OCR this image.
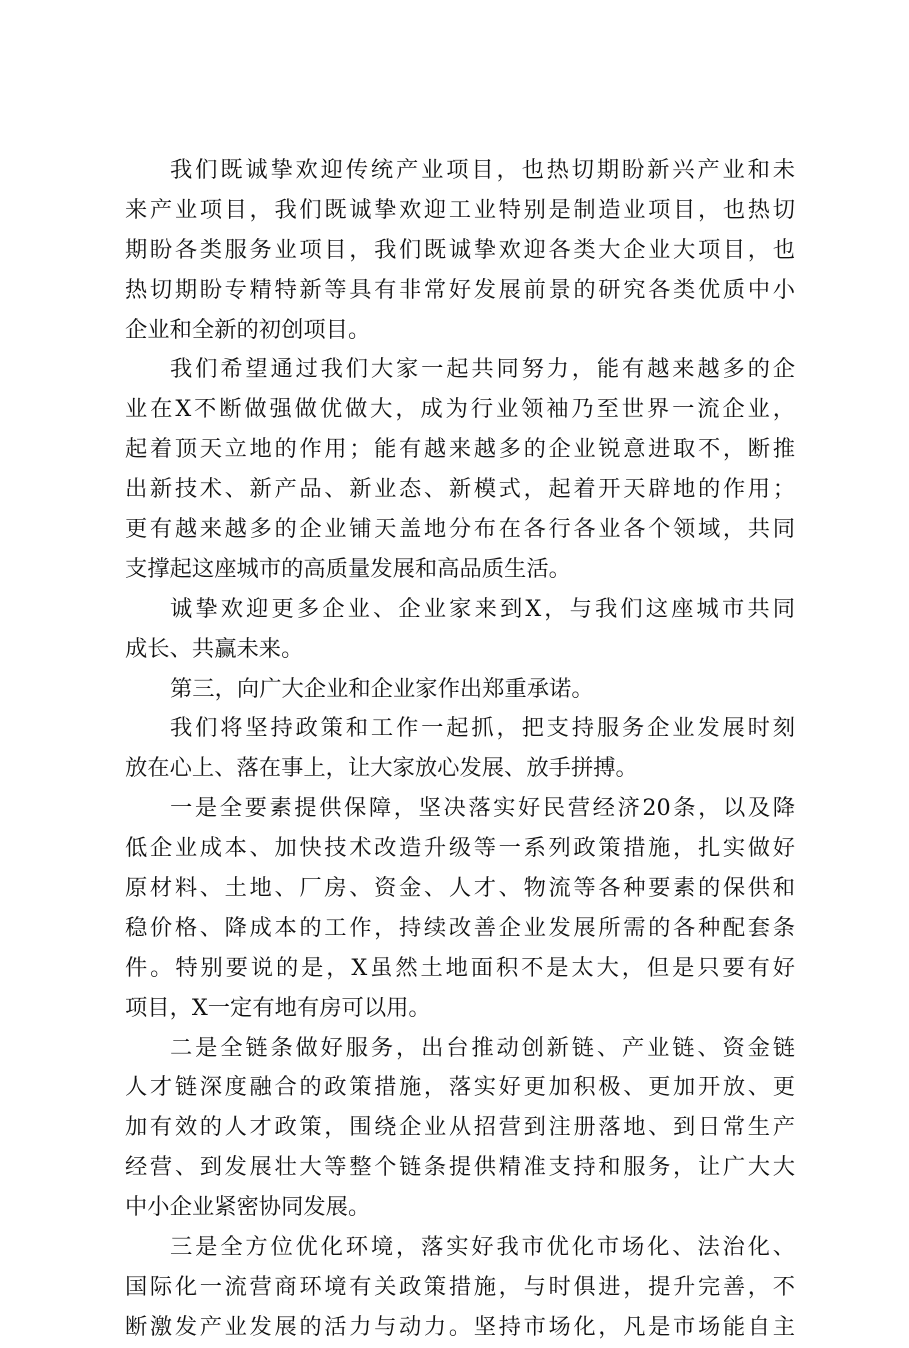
我们既诚挚欢迎传统产业项目，也热切期盼新兴产业和未
来产业项目，我们既诚挚欢迎工业特别是制造业项目，也热切
期盼各类服务业项目，我们既诚挚欢迎各类大企业大项目，也
热切期盼专精特新等具有非常好发展前景的研究各类优质中小
企业和全新的初创项目。
我们希望通过我们大家一起共同努力，能有越来越多的企
业在X不断做强做优做大，成为行业领袖乃至世界一流企业，
起着顶天立地的作用；能有越来越多的企业锐意进取不，断推
出新技术、新产品、新业态、新模式，起着开天辟地的作用；
更有越来越多的企业铺天盖地分布在各行各业各个领域，共同
支撑起这座城市的高质量发展和高品质生活。
诚挚欢迎更多企业、企业家来到X，与我们这座城市共同
成长、共赢未来。
第三，向广大企业和企业家作出郑重承诺。
我们将坚持政策和工作一起抓，把支持服务企业发展时刻
放在心上、落在事上，让大家放心发展、放手拼搏。
一是全要素提供保障，坚决落实好民营经济20条，以及降
低企业成本、加快技术改造升级等一系列政策措施，扎实做好
原材料、土地、厂房、资金、人才、物流等各种要素的保供和
稳价格、降成本的工作，持续改善企业发展所需的各种配套条
件。特别要说的是，X虽然土地面积不是太大，但是只要有好
项目，X一定有地有房可以用。
二是全链条做好服务，出台推动创新链、产业链、资金链
人才链深度融合的政策措施，落实好更加积极、更加开放、更
加有效的人才政策，围绕企业从招营到注册落地、到日常生产
经营、到发展壮大等整个链条提供精准支持和服务，让广大大
中小企业紧密协同发展。
三是全方位优化环境，落实好我市优化市场化、法治化、
国际化一流营商环境有关政策措施，与时俱进，提升完善，不
断激发产业发展的活力与动力。坚持市场化，凡是市场能自主
